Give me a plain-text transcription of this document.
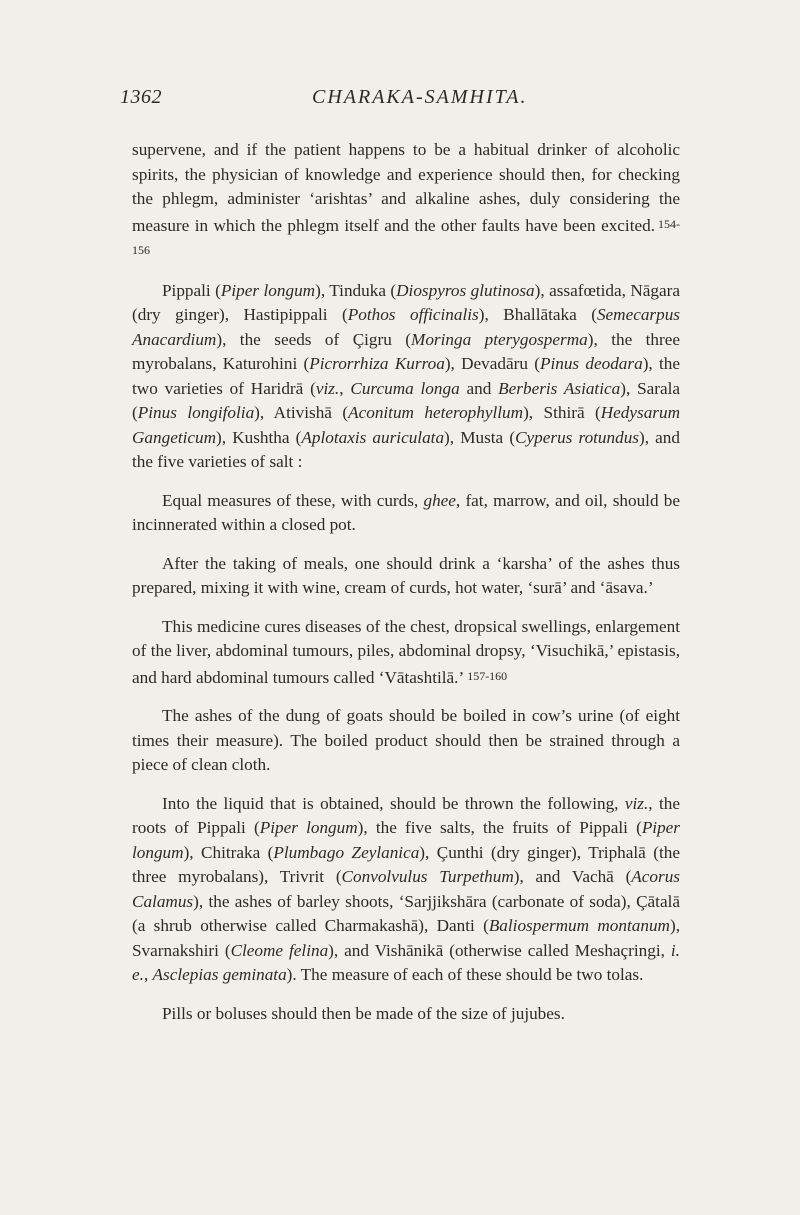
1362	CHARAKA-SAMHITA.

supervene, and if the patient happens to be a habitual drinker of alcoholic spirits, the physician of knowledge and experience should then, for checking the phlegm, administer ‘arishtas’ and alkaline ashes, duly considering the measure in which the phlegm itself and the other faults have been excited. 154-156

Pippali (Piper longum), Tinduka (Diospyros glutinosa), assafœtida, Nāgara (dry ginger), Hastipippali (Pothos officinalis), Bhallātaka (Semecarpus Anacardium), the seeds of Çigru (Moringa pterygosperma), the three myrobalans, Katurohini (Picrorrhiza Kurroa), Devadāru (Pinus deodara), the two varieties of Haridrā (viz., Curcuma longa and Berberis Asiatica), Sarala (Pinus longifolia), Ativishā (Aconitum heterophyllum), Sthirā (Hedysarum Gangeticum), Kushtha (Aplotaxis auriculata), Musta (Cyperus rotundus), and the five varieties of salt :

Equal measures of these, with curds, ghee, fat, marrow, and oil, should be incinnerated within a closed pot.

After the taking of meals, one should drink a ‘karsha’ of the ashes thus prepared, mixing it with wine, cream of curds, hot water, ‘surā’ and ‘āsava.’

This medicine cures diseases of the chest, dropsical swellings, enlargement of the liver, abdominal tumours, piles, abdominal dropsy, ‘Visuchikā,’ epistasis, and hard abdominal tumours called ‘Vātashtilā.’ 157-160

The ashes of the dung of goats should be boiled in cow’s urine (of eight times their measure). The boiled product should then be strained through a piece of clean cloth.

Into the liquid that is obtained, should be thrown the following, viz., the roots of Pippali (Piper longum), the five salts, the fruits of Pippali (Piper longum), Chitraka (Plumbago Zeylanica), Çunthi (dry ginger), Triphalā (the three myrobalans), Trivrit (Convolvulus Turpethum), and Vachā (Acorus Calamus), the ashes of barley shoots, ‘Sarjjikshāra (carbonate of soda), Çātalā (a shrub otherwise called Charmakashā), Danti (Baliospermum montanum), Svarnakshiri (Cleome felina), and Vishānikā (otherwise called Meshaçringi, i. e., Asclepias geminata). The measure of each of these should be two tolas.

Pills or boluses should then be made of the size of jujubes.
